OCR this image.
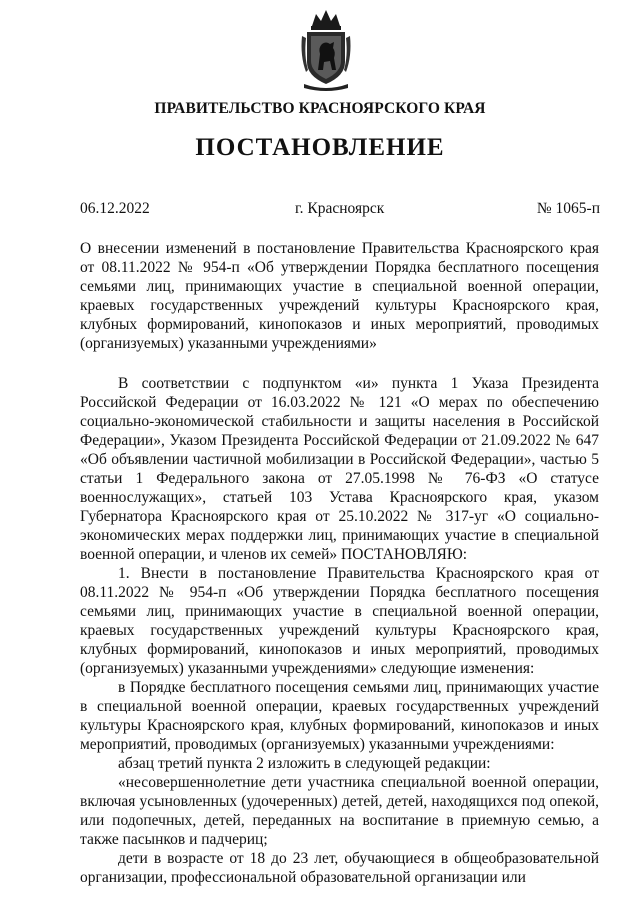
ПРАВИТЕЛЬСТВО КРАСНОЯРСКОГО КРАЯ
ПОСТАНОВЛЕНИЕ
06.12.2022	г. Красноярск	№ 1065-п
О внесении изменений в постановление Правительства Красноярского края от 08.11.2022 № 954-п «Об утверждении Порядка бесплатного посещения семьями лиц, принимающих участие в специальной военной операции, краевых государственных учреждений культуры Красноярского края, клубных формирований, кинопоказов и иных мероприятий, проводимых (организуемых) указанными учреждениями»

В соответствии с подпунктом «и» пункта 1 Указа Президента Российской Федерации от 16.03.2022 № 121 «О мерах по обеспечению социально-экономической стабильности и защиты населения в Российской Федерации», Указом Президента Российской Федерации от 21.09.2022 № 647 «Об объявлении частичной мобилизации в Российской Федерации», частью 5 статьи 1 Федерального закона от 27.05.1998 № 76-ФЗ «О статусе военнослужащих», статьей 103 Устава Красноярского края, указом Губернатора Красноярского края от 25.10.2022 № 317-уг «О социально-экономических мерах поддержки лиц, принимающих участие в специальной военной операции, и членов их семей» ПОСТАНОВЛЯЮ:

1. Внести в постановление Правительства Красноярского края от 08.11.2022 № 954-п «Об утверждении Порядка бесплатного посещения семьями лиц, принимающих участие в специальной военной операции, краевых государственных учреждений культуры Красноярского края, клубных формирований, кинопоказов и иных мероприятий, проводимых (организуемых) указанными учреждениями» следующие изменения:

в Порядке бесплатного посещения семьями лиц, принимающих участие в специальной военной операции, краевых государственных учреждений культуры Красноярского края, клубных формирований, кинопоказов и иных мероприятий, проводимых (организуемых) указанными учреждениями:

абзац третий пункта 2 изложить в следующей редакции:

«несовершеннолетние дети участника специальной военной операции, включая усыновленных (удочеренных) детей, детей, находящихся под опекой, или подопечных, детей, переданных на воспитание в приемную семью, а также пасынков и падчериц;

дети в возрасте от 18 до 23 лет, обучающиеся в общеобразовательной организации, профессиональной образовательной организации или
